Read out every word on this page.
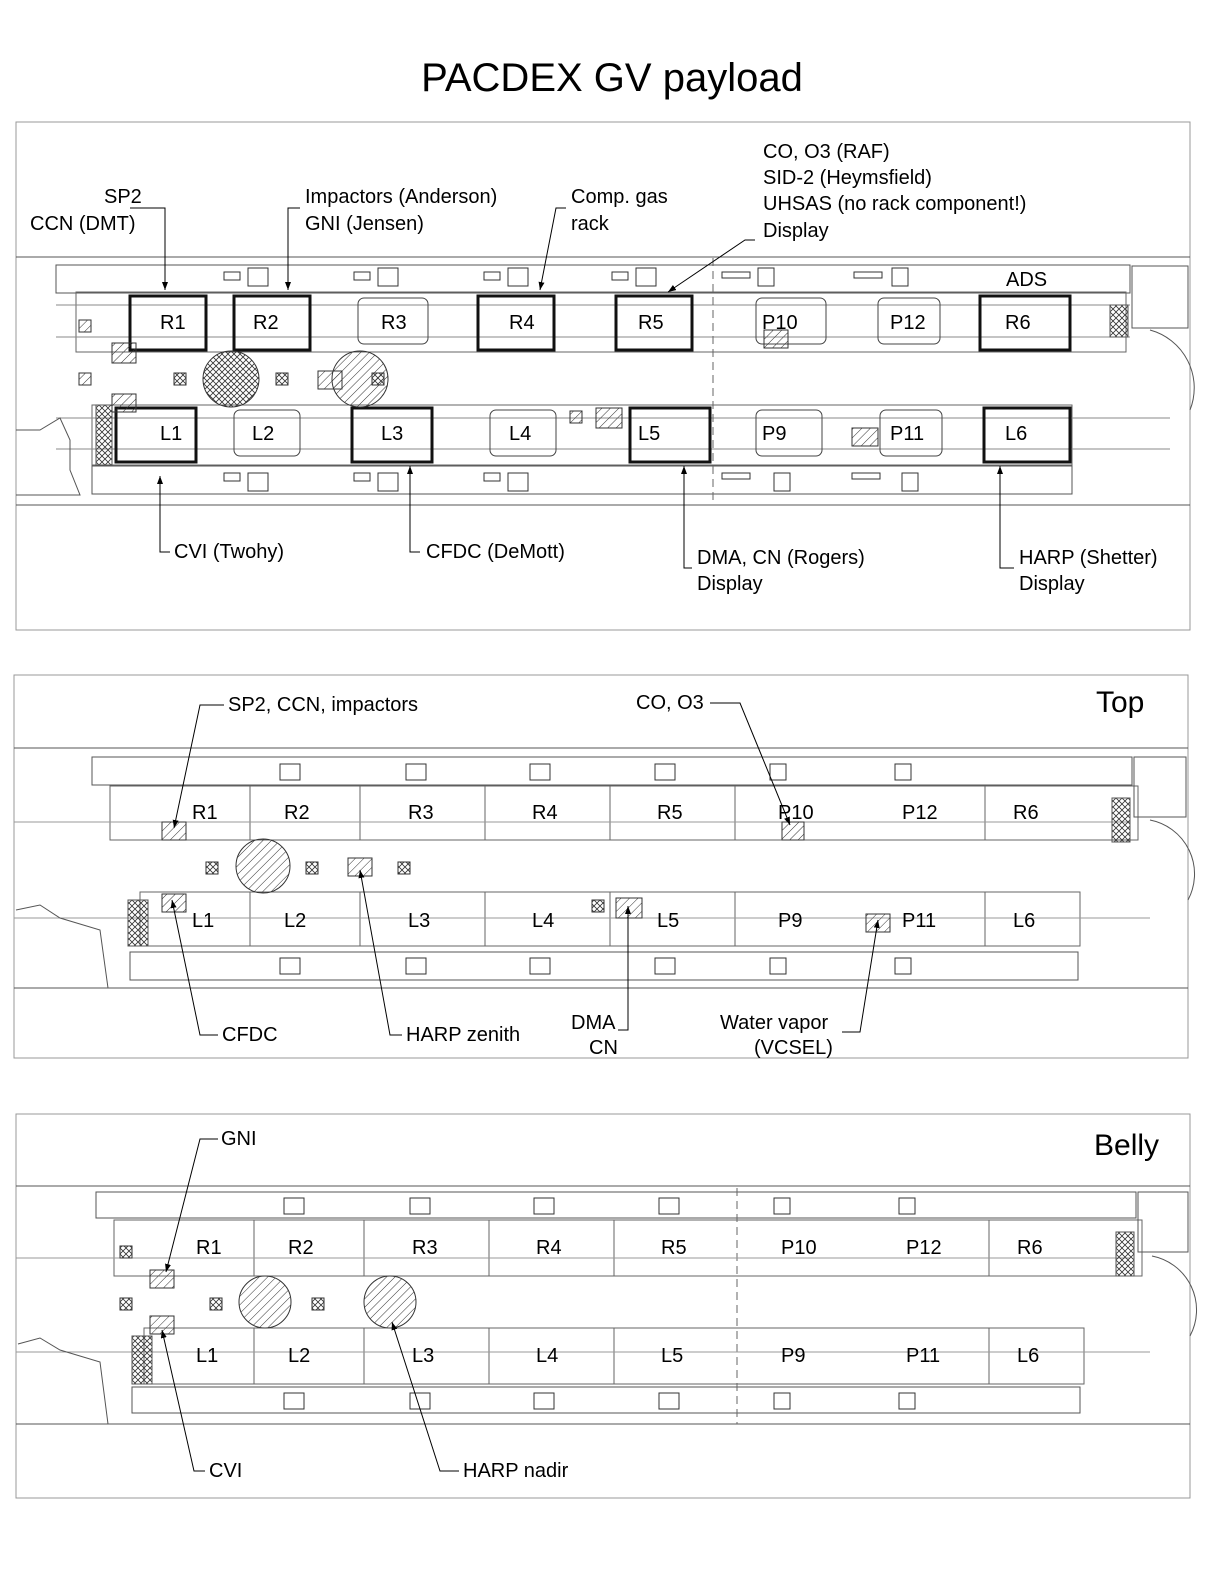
PACDEX GV payload
R1	R2	R3	R4	R5	P10	P12	R6
L1	L2	L3	L4	L5	P9	P11	L6
ADS
SP2
CCN (DMT)
Impactors (Anderson)
GNI (Jensen)
Comp. gas
rack
CO, O3 (RAF)
SID-2 (Heymsfield)
UHSAS (no rack component!)
Display
CVI (Twohy)	CFDC (DeMott)	DMA, CN (Rogers)
Display
HARP (Shetter)
Display
Top
R1	R2	R3	R4	R5	P10	P12	R6
L1	L2	L3	L4	L5	P9	P11	L6
SP2, CCN, impactors	CO, O3
CFDC	HARP zenith
DMA
CN
Water vapor
(VCSEL)
Belly
R1	R2	R3	R4	R5	P10	P12	R6
L1	L2	L3	L4	L5	P9	P11	L6
GNI
CVI	HARP nadir
